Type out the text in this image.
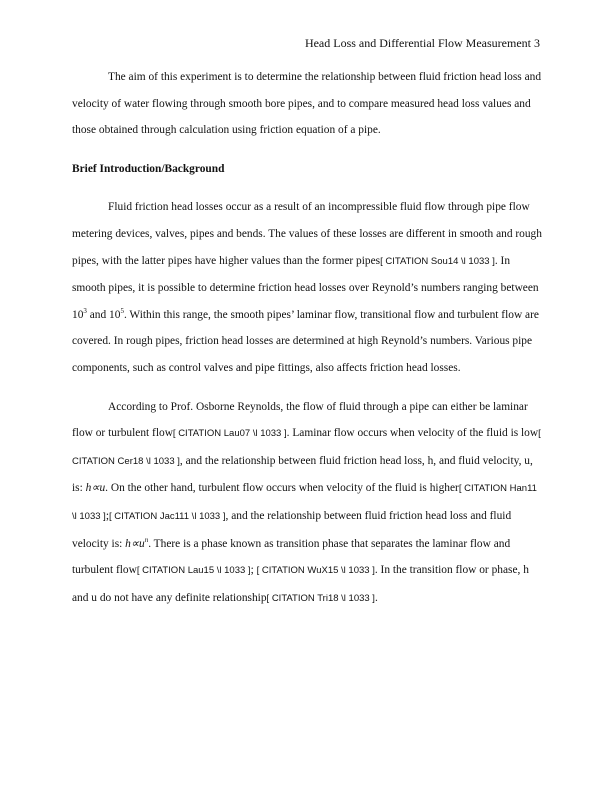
Head Loss and Differential Flow Measurement 3

The aim of this experiment is to determine the relationship between fluid friction head loss and velocity of water flowing through smooth bore pipes, and to compare measured head loss values and those obtained through calculation using friction equation of a pipe.

Brief Introduction/Background

Fluid friction head losses occur as a result of an incompressible fluid flow through pipe flow metering devices, valves, pipes and bends. The values of these losses are different in smooth and rough pipes, with the latter pipes have higher values than the former pipes[ CITATION Sou14 \l 1033 ]. In smooth pipes, it is possible to determine friction head losses over Reynold’s numbers ranging between $10^3$ and $10^5$. Within this range, the smooth pipes’ laminar flow, transitional flow and turbulent flow are covered. In rough pipes, friction head losses are determined at high Reynold’s numbers. Various pipe components, such as control valves and pipe fittings, also affects friction head losses.

According to Prof. Osborne Reynolds, the flow of fluid through a pipe can either be laminar flow or turbulent flow[ CITATION Lau07 \l 1033 ]. Laminar flow occurs when velocity of the fluid is low[ CITATION Cer18 \l 1033 ], and the relationship between fluid friction head loss, h, and fluid velocity, u, is: h∝u. On the other hand, turbulent flow occurs when velocity of the fluid is higher[ CITATION Han11 \l 1033 ];[ CITATION Jac111 \l 1033 ], and the relationship between fluid friction head loss and fluid velocity is: $h\propto u^n$. There is a phase known as transition phase that separates the laminar flow and turbulent flow[ CITATION Lau15 \l 1033 ]; [ CITATION WuX15 \l 1033 ]. In the transition flow or phase, h and u do not have any definite relationship[ CITATION Tri18 \l 1033 ].
